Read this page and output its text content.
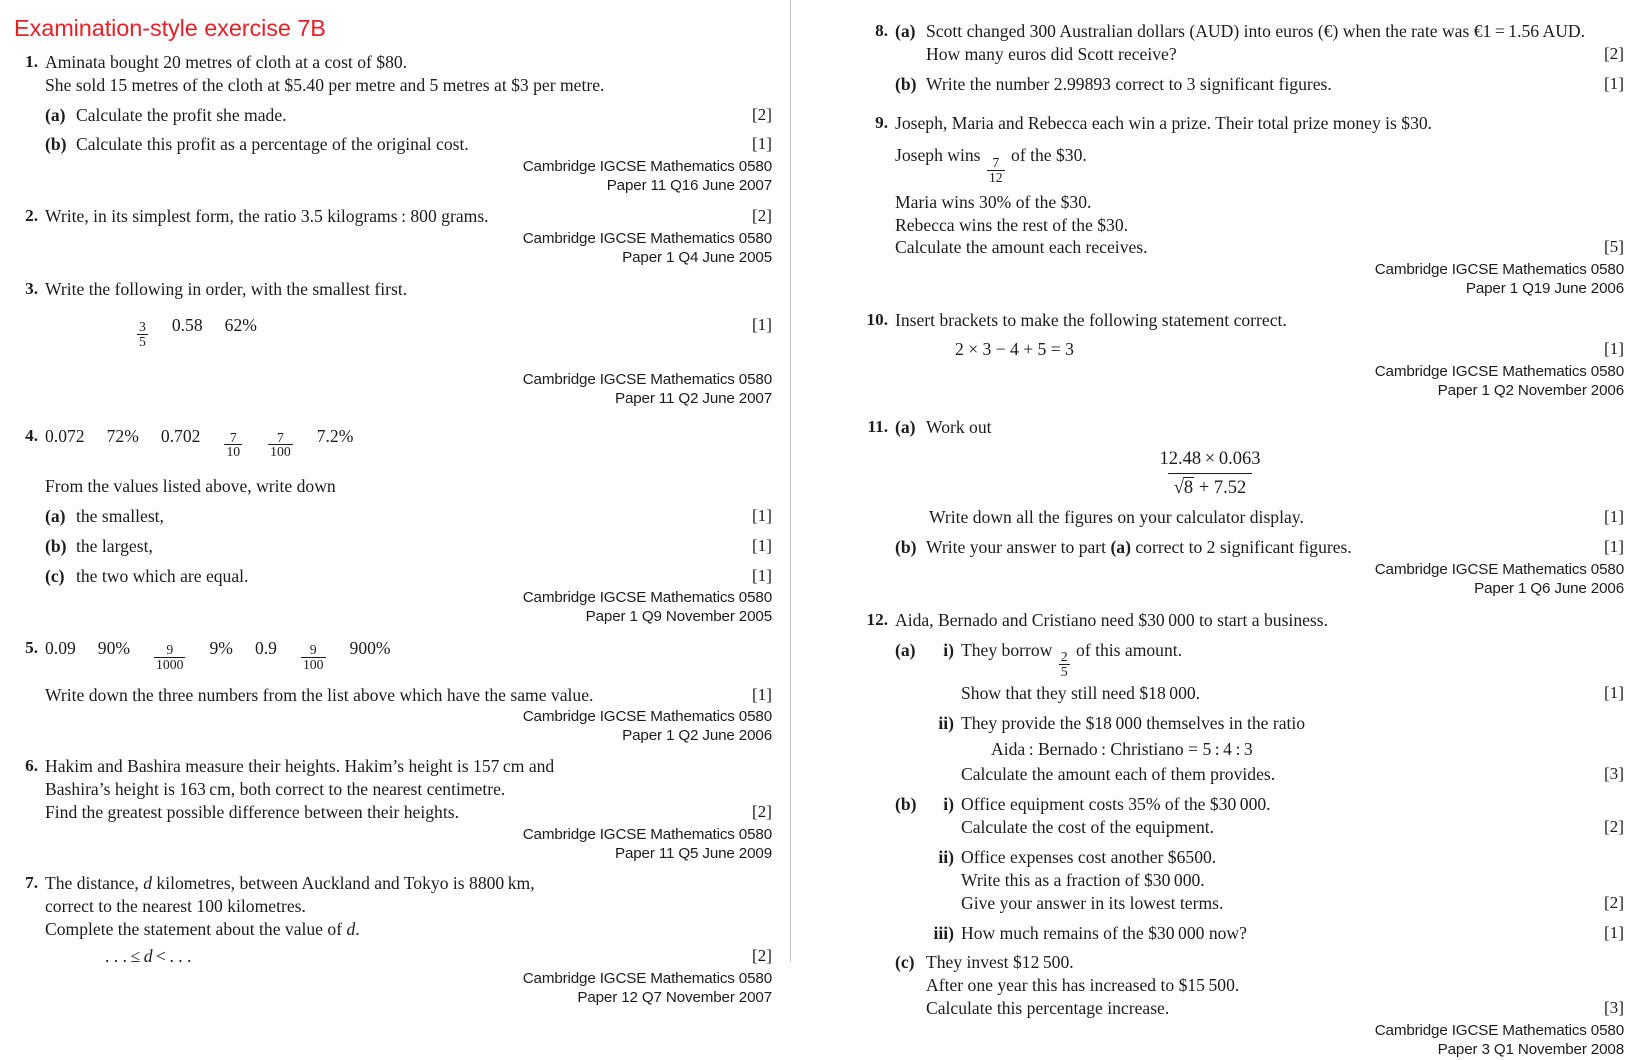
Examination-style exercise 7B
1. Aminata bought 20 metres of cloth at a cost of $80.
She sold 15 metres of the cloth at $5.40 per metre and 5 metres at $3 per metre.
(a) Calculate the profit she made.	[2]
(b) Calculate this profit as a percentage of the original cost.	[1]
Cambridge IGCSE Mathematics 0580
Paper 11 Q16 June 2007
2. Write, in its simplest form, the ratio 3.5 kilograms : 800 grams.	[2]
Cambridge IGCSE Mathematics 0580
Paper 1 Q4 June 2005
3. Write the following in order, with the smallest first.
$\frac{3}{5} 0.58$ 62%	[1]
Cambridge IGCSE Mathematics 0580
Paper 11 Q2 June 2007
4. 0.072 72% $0.702 \frac{7}{10} \frac{7}{100} 7.2\%$
From the values listed above, write down
(a) the smallest,	[1]
(b) the largest,	[1]
(c) the two which are equal.	[1]
Cambridge IGCSE Mathematics 0580
Paper 1 Q9 November 2005
5. 0.09 $90\% \frac{9}{1000} 9\%$ $0.9 \frac{9}{100} 900\%$
Write down the three numbers from the list above which have the same value.	[1]
Cambridge IGCSE Mathematics 0580
Paper 1 Q2 June 2006
6. Hakim and Bashira measure their heights. Hakim’s height is 157 cm and
Bashira’s height is 163 cm, both correct to the nearest centimetre.
Find the greatest possible difference between their heights.	[2]
Cambridge IGCSE Mathematics 0580
Paper 11 Q5 June 2009
7. The distance, d kilometres, between Auckland and Tokyo is 8800 km,
correct to the nearest 100 kilometres.
Complete the statement about the value of d.
. . . ≤ d < . . .	[2]
Cambridge IGCSE Mathematics 0580
Paper 12 Q7 November 2007
8. (a) Scott changed 300 Australian dollars (AUD) into euros (€) when the rate was €1 = 1.56 AUD.
How many euros did Scott receive?	[2]
(b) Write the number 2.99893 correct to 3 significant figures.	[1]
9. Joseph, Maria and Rebecca each win a prize. Their total prize money is $30.
Joseph wins
$\frac{7}{12}$
of the $30.
Maria wins 30% of the $30.
Rebecca wins the rest of the $30.
Calculate the amount each receives.	[5]
Cambridge IGCSE Mathematics 0580
Paper 1 Q19 June 2006
10. Insert brackets to make the following statement correct.
2 × 3 − 4 + 5 = 3	[1]
Cambridge IGCSE Mathematics 0580
Paper 1 Q2 November 2006
11. (a) Work out
12.48 × 0.063
√8 + 7.52
Write down all the figures on your calculator display.	[1]
(b) Write your answer to part (a) correct to 2 significant figures.	[1]
Cambridge IGCSE Mathematics 0580
Paper 1 Q6 June 2006
12. Aida, Bernado and Cristiano need $30 000 to start a business.
(a)	i) They borrow
$\frac{2}{5}$
of this amount.
Show that they still need $18 000.	[1]
ii) They provide the $18 000 themselves in the ratio
Aida : Bernado : Christiano = 5 : 4 : 3
Calculate the amount each of them provides.	[3]
(b)	i) Office equipment costs 35% of the $30 000.
Calculate the cost of the equipment.	[2]
ii) Office expenses cost another $6500.
Write this as a fraction of $30 000.
Give your answer in its lowest terms.	[2]
iii) How much remains of the $30 000 now?	[1]
(c) They invest $12 500.
After one year this has increased to $15 500.
Calculate this percentage increase.	[3]
Cambridge IGCSE Mathematics 0580
Paper 3 Q1 November 2008
